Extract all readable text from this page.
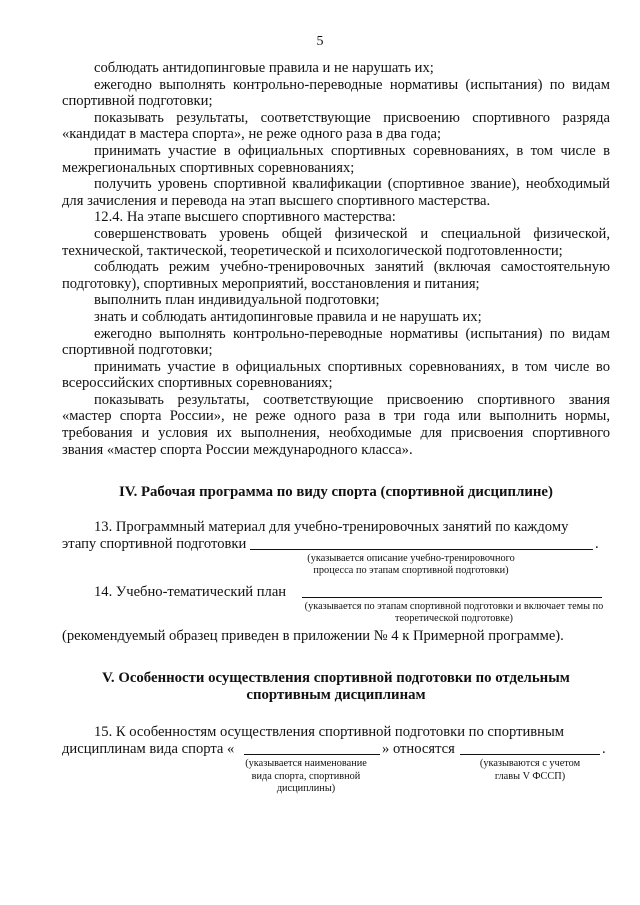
5

соблюдать антидопинговые правила и не нарушать их;

ежегодно выполнять контрольно-переводные нормативы (испытания) по видам спортивной подготовки;

показывать результаты, соответствующие присвоению спортивного разряда «кандидат в мастера спорта», не реже одного раза в два года;

принимать участие в официальных спортивных соревнованиях, в том числе в межрегиональных спортивных соревнованиях;

получить уровень спортивной квалификации (спортивное звание), необходимый для зачисления и перевода на этап высшего спортивного мастерства.

12.4. На этапе высшего спортивного мастерства:

совершенствовать уровень общей физической и специальной физической, технической, тактической, теоретической и психологической подготовленности;

соблюдать режим учебно-тренировочных занятий (включая самостоятельную подготовку), спортивных мероприятий, восстановления и питания;

выполнить план индивидуальной подготовки;

знать и соблюдать антидопинговые правила и не нарушать их;

ежегодно выполнять контрольно-переводные нормативы (испытания) по видам спортивной подготовки;

принимать участие в официальных спортивных соревнованиях, в том числе во всероссийских спортивных соревнованиях;

показывать результаты, соответствующие присвоению спортивного звания «мастер спорта России», не реже одного раза в три года или выполнить нормы, требования и условия их выполнения, необходимые для присвоения спортивного звания «мастер спорта России международного класса».

IV. Рабочая программа по виду спорта (спортивной дисциплине)

13. Программный материал для учебно-тренировочных занятий по каждому

этапу спортивной подготовки	.
(указывается описание учебно-тренировочного процесса по этапам спортивной подготовки)
14. Учебно-тематический план
(указывается по этапам спортивной подготовки и включает темы по теоретической подготовке)

(рекомендуемый образец приведен в приложении № 4 к Примерной программе).

V. Особенности осуществления спортивной подготовки по отдельным

спортивным дисциплинам

15. К особенностям осуществления спортивной подготовки по спортивным

дисциплинам вида спорта «	» относятся	.
(указывается наименование вида спорта, спортивной дисциплины)
(указываются с учетом главы V ФССП)
